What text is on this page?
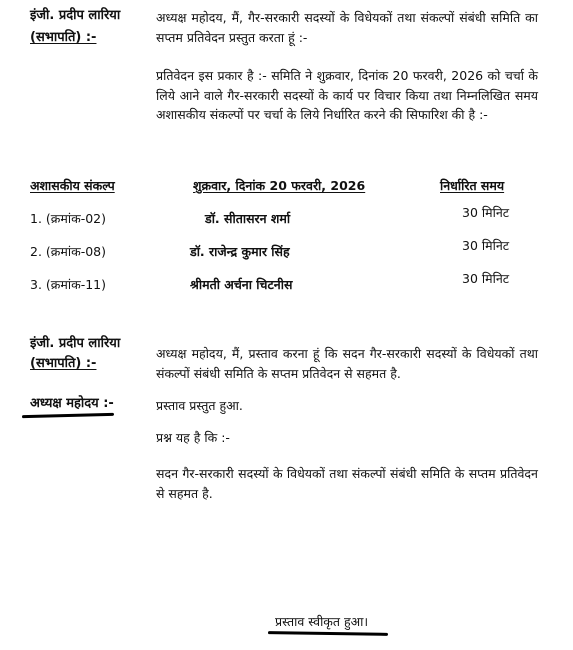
इंजी. प्रदीप लारिया
(सभापति) :-
अध्यक्ष महोदय, मैं, गैर-सरकारी सदस्यों के विधेयकों तथा संकल्पों संबंधी समिति का सप्तम प्रतिवेदन प्रस्तुत करता हूं :-
प्रतिवेदन इस प्रकार है :- समिति ने शुक्रवार, दिनांक 20 फरवरी, 2026 को चर्चा के लिये आने वाले गैर-सरकारी सदस्यों के कार्य पर विचार किया तथा निम्नलिखित समय अशासकीय संकल्पों पर चर्चा के लिये निर्धारित करने की सिफारिश की है :-
अशासकीय संकल्प	शुक्रवार, दिनांक 20 फरवरी, 2026	निर्धारित समय
1. (क्रमांक-02)	डॉ. सीतासरन शर्मा	30 मिनिट
2. (क्रमांक-08)	डॉ. राजेन्द्र कुमार सिंह	30 मिनिट
3. (क्रमांक-11)	श्रीमती अर्चना चिटनीस	30 मिनिट
इंजी. प्रदीप लारिया
(सभापति) :-
अध्यक्ष महोदय, मैं, प्रस्ताव करना हूं कि सदन गैर-सरकारी सदस्यों के विधेयकों तथा संकल्पों संबंधी समिति के सप्तम प्रतिवेदन से सहमत है.
अध्यक्ष महोदय :-	प्रस्ताव प्रस्तुत हुआ.
प्रश्न यह है कि :-
सदन गैर-सरकारी सदस्यों के विधेयकों तथा संकल्पों संबंधी समिति के सप्तम प्रतिवेदन से सहमत है.
प्रस्ताव स्वीकृत हुआ।
